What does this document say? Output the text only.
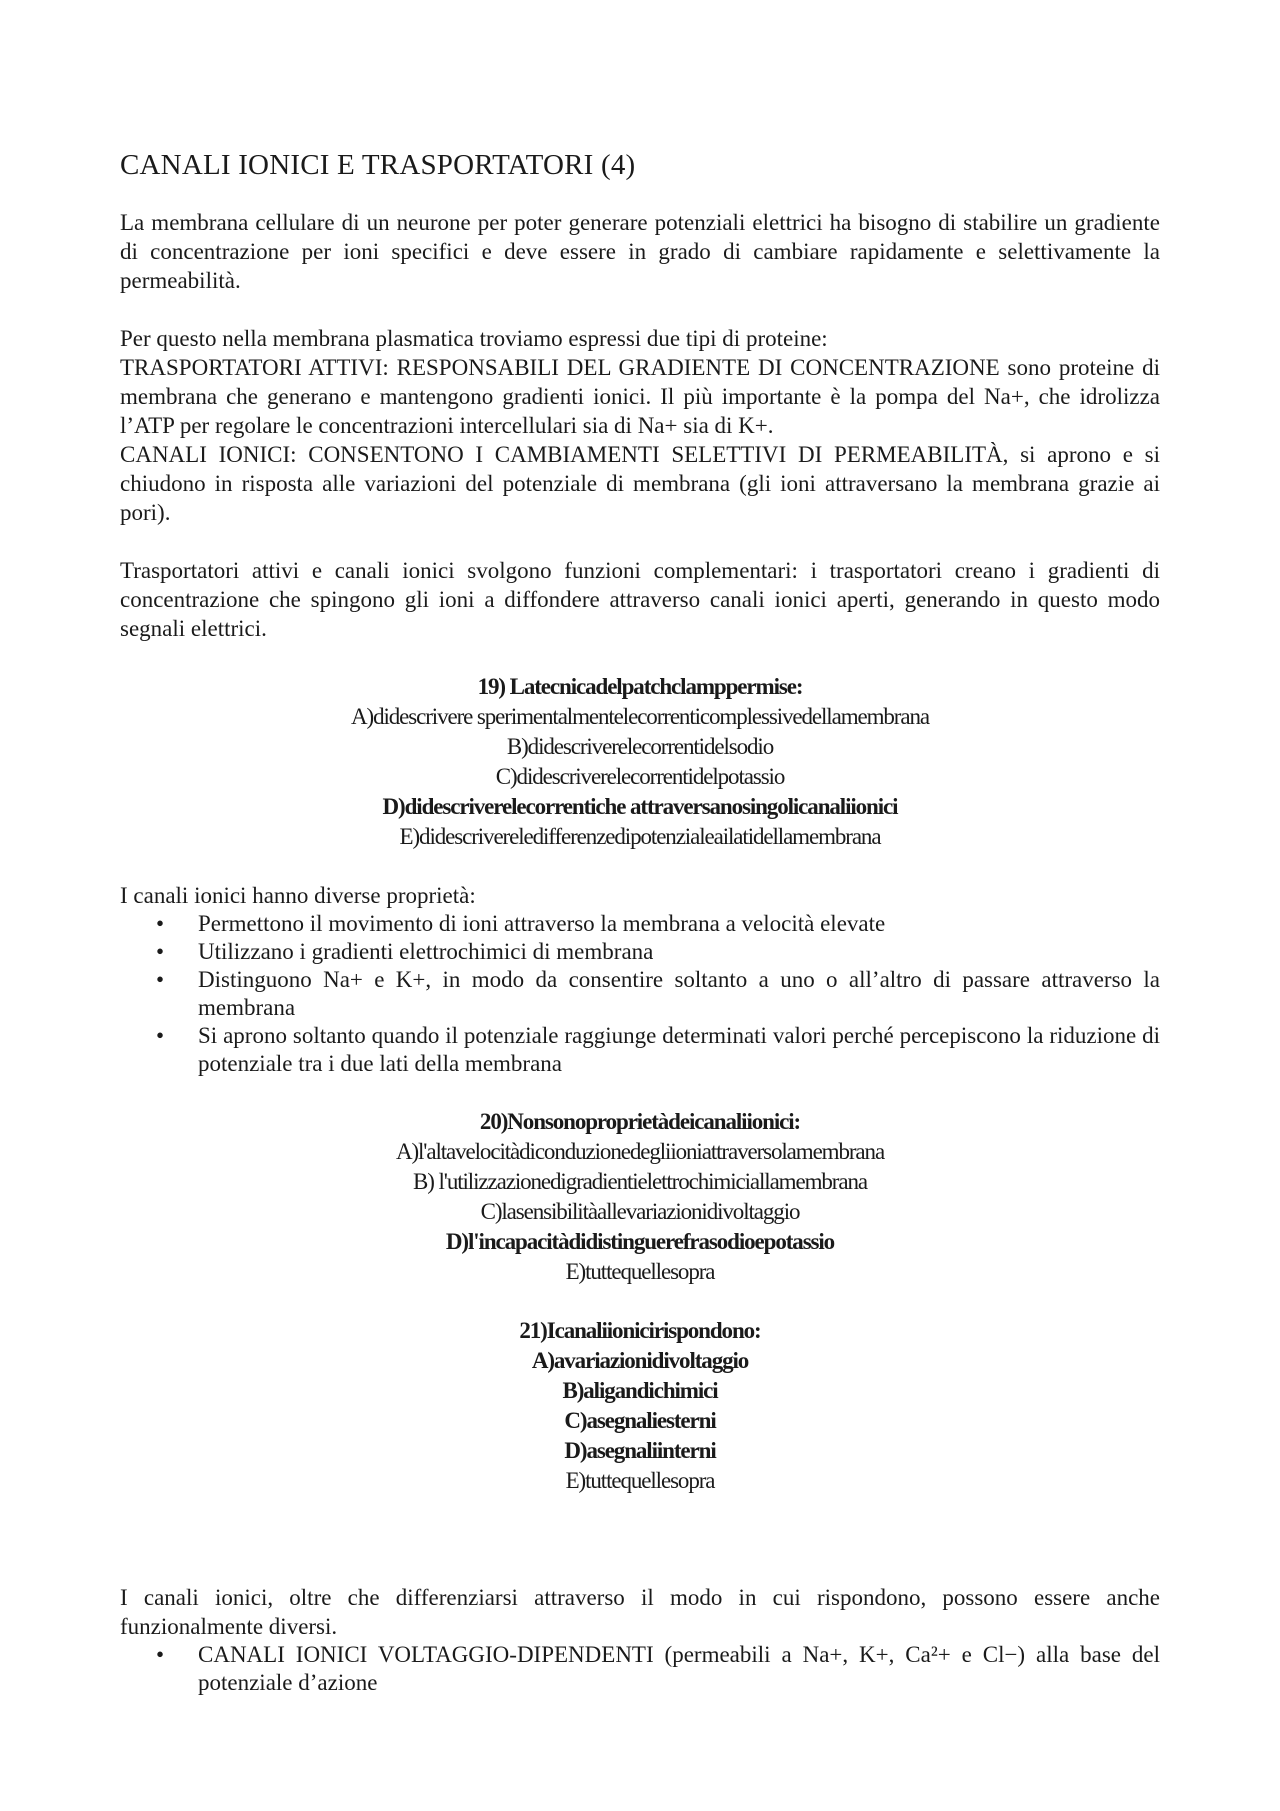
CANALI IONICI E TRASPORTATORI (4)

La membrana cellulare di un neurone per poter generare potenziali elettrici ha bisogno di stabilire un gradiente di concentrazione per ioni specifici e deve essere in grado di cambiare rapidamente e selettivamente la permeabilità.

Per questo nella membrana plasmatica troviamo espressi due tipi di proteine:

TRASPORTATORI ATTIVI: RESPONSABILI DEL GRADIENTE DI CONCENTRAZIONE sono proteine di membrana che generano e mantengono gradienti ionici. Il più importante è la pompa del Na+, che idrolizza l’ATP per regolare le concentrazioni intercellulari sia di Na+ sia di K+.

CANALI IONICI: CONSENTONO I CAMBIAMENTI SELETTIVI DI PERMEABILITÀ, si aprono e si chiudono in risposta alle variazioni del potenziale di membrana (gli ioni attraversano la membrana grazie ai pori).

Trasportatori attivi e canali ionici svolgono funzioni complementari: i trasportatori creano i gradienti di concentrazione che spingono gli ioni a diffondere attraverso canali ionici aperti, generando in questo modo segnali elettrici.

19) Latecnicadelpatchclamppermise:
A)didescrivere sperimentalmentelecorrenticomplessivedellamembrana
B)didescriverelecorrentidelsodio
C)didescriverelecorrentidelpotassio
D)didescriverelecorrentiche attraversanosingolicanaliionici
E)didescrivereledifferenzedipotenzialeailatidellamembrana

I canali ionici hanno diverse proprietà:

• Permettono il movimento di ioni attraverso la membrana a velocità elevate
• Utilizzano i gradienti elettrochimici di membrana
• Distinguono Na+ e K+, in modo da consentire soltanto a uno o all’altro di passare attraverso la membrana
• Si aprono soltanto quando il potenziale raggiunge determinati valori perché percepiscono la riduzione di potenziale tra i due lati della membrana
20)Nonsonoproprietàdeicanaliionici:
A)l'altavelocitàdiconduzionedegliioniattraversolamembrana
B) l'utilizzazionedigradientielettrochimiciallamembrana
C)lasensibilitàallevariazionidivoltaggio
D)l'incapacitàdidistinguerefrasodioepotassio
E)tuttequellesopra
21)Icanaliionicirispondono:
A)avariazionidivoltaggio
B)aligandichimici
C)asegnaliesterni
D)asegnaliinterni
E)tuttequellesopra

I canali ionici, oltre che differenziarsi attraverso il modo in cui rispondono, possono essere anche funzionalmente diversi.

• CANALI IONICI VOLTAGGIO-DIPENDENTI (permeabili a Na+, K+, Ca²+ e Cl−) alla base del potenziale d’azione
